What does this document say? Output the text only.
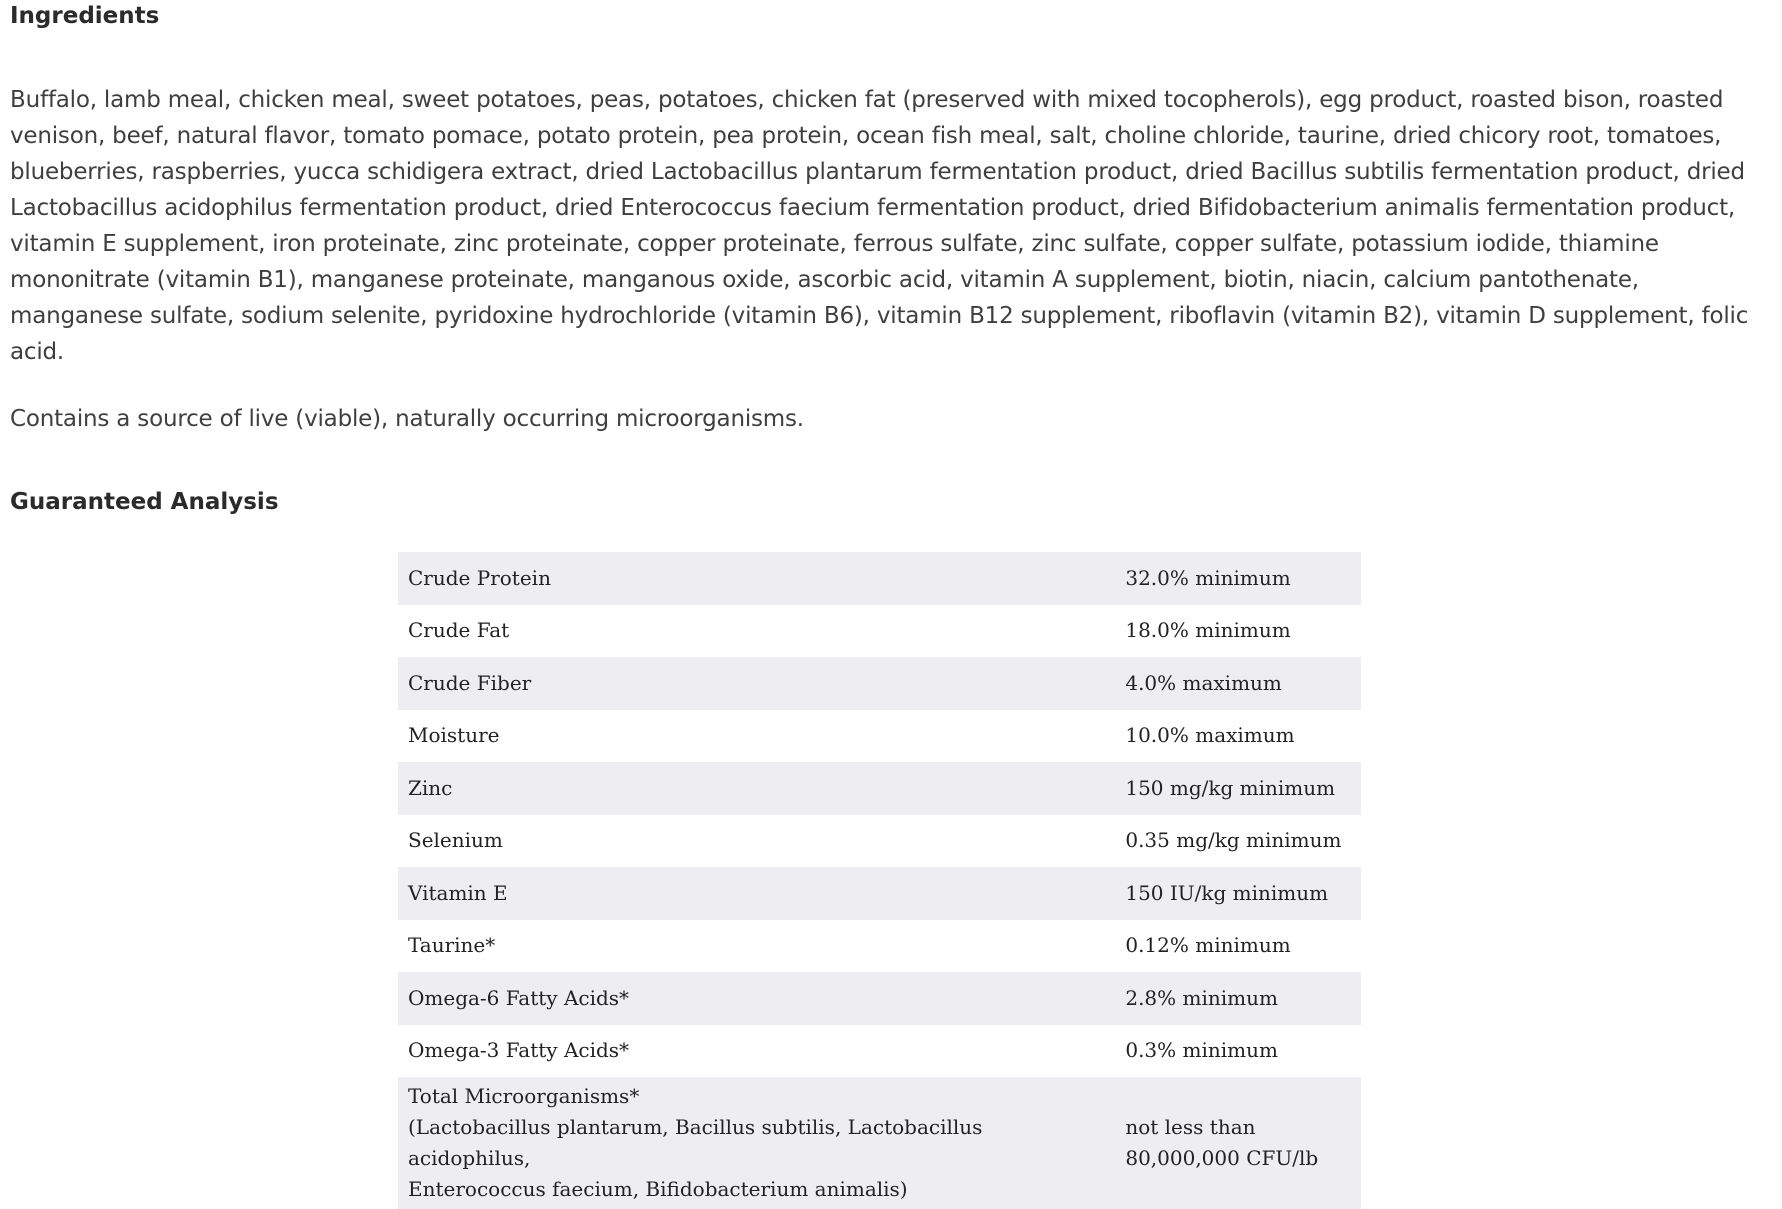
Ingredients

Buffalo, lamb meal, chicken meal, sweet potatoes, peas, potatoes, chicken fat (preserved with mixed tocopherols), egg product, roasted bison, roasted venison, beef, natural flavor, tomato pomace, potato protein, pea protein, ocean fish meal, salt, choline chloride, taurine, dried chicory root, tomatoes, blueberries, raspberries, yucca schidigera extract, dried Lactobacillus plantarum fermentation product, dried Bacillus subtilis fermentation product, dried Lactobacillus acidophilus fermentation product, dried Enterococcus faecium fermentation product, dried Bifidobacterium animalis fermentation product, vitamin E supplement, iron proteinate, zinc proteinate, copper proteinate, ferrous sulfate, zinc sulfate, copper sulfate, potassium iodide, thiamine mononitrate (vitamin B1), manganese proteinate, manganous oxide, ascorbic acid, vitamin A supplement, biotin, niacin, calcium pantothenate, manganese sulfate, sodium selenite, pyridoxine hydrochloride (vitamin B6), vitamin B12 supplement, riboflavin (vitamin B2), vitamin D supplement, folic acid.

Contains a source of live (viable), naturally occurring microorganisms.

Guaranteed Analysis
Crude Protein	32.0% minimum
Crude Fat	18.0% minimum
Crude Fiber	4.0% maximum
Moisture	10.0% maximum
Zinc	150 mg/kg minimum
Selenium	0.35 mg/kg minimum
Vitamin E	150 IU/kg minimum
Taurine*	0.12% minimum
Omega-6 Fatty Acids*	2.8% minimum
Omega-3 Fatty Acids*	0.3% minimum

Total Microorganisms*
(Lactobacillus plantarum, Bacillus subtilis, Lactobacillus acidophilus,
Enterococcus faecium, Bifidobacterium animalis)	not less than
80,000,000 CFU/lb
